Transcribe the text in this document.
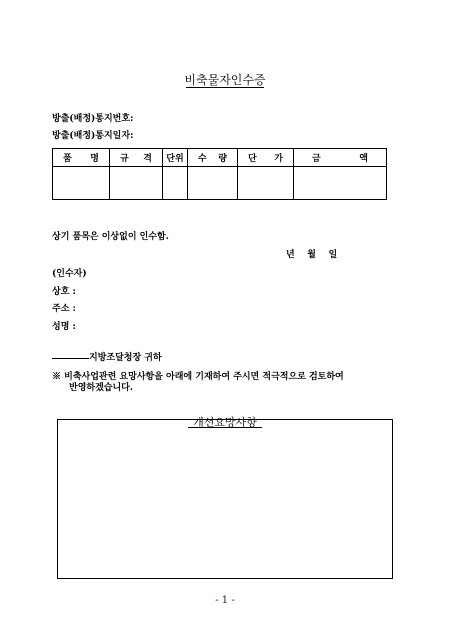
비축물자인수증
방출(배정)통지번호:
방출(배정)통지일자:
품 명	규 격	단위	수 량	단 가	금 액

상기 품목은 이상없이 인수함.
년    월    일
(인수자)
상호 :
주소 :
성명 :
지방조달청장 귀하
※ 비축사업관련 요망사항을 아래에 기재하여 주시면 적극적으로 검토하여
반영하겠습니다.
개선요망사항
- 1 -
